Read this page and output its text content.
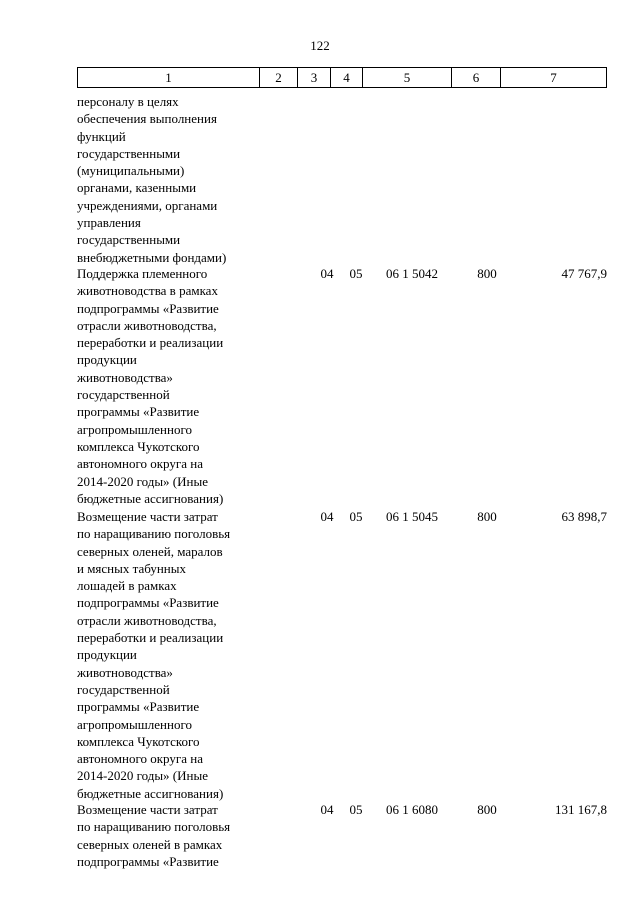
122
1	2	3	4	5	6	7
персоналу в целях
обеспечения выполнения
функций
государственными
(муниципальными)
органами, казенными
учреждениями, органами
управления
государственными
внебюджетными фондами)
Поддержка племенного
животноводства в рамках
подпрограммы «Развитие
отрасли животноводства,
переработки и реализации
продукции
животноводства»
государственной
программы «Развитие
агропромышленного
комплекса Чукотского
автономного округа на
2014-2020 годы» (Иные
бюджетные ассигнования)
04 05	06 1 5042	800	47 767,9
Возмещение части затрат
по наращиванию поголовья
северных оленей, маралов
и мясных табунных
лошадей в рамках
подпрограммы «Развитие
отрасли животноводства,
переработки и реализации
продукции
животноводства»
государственной
программы «Развитие
агропромышленного
комплекса Чукотского
автономного округа на
2014-2020 годы» (Иные
бюджетные ассигнования)
04 05	06 1 5045	800	63 898,7
Возмещение части затрат
по наращиванию поголовья
северных оленей в рамках
подпрограммы «Развитие
04 05	06 1 6080	800	131 167,8
